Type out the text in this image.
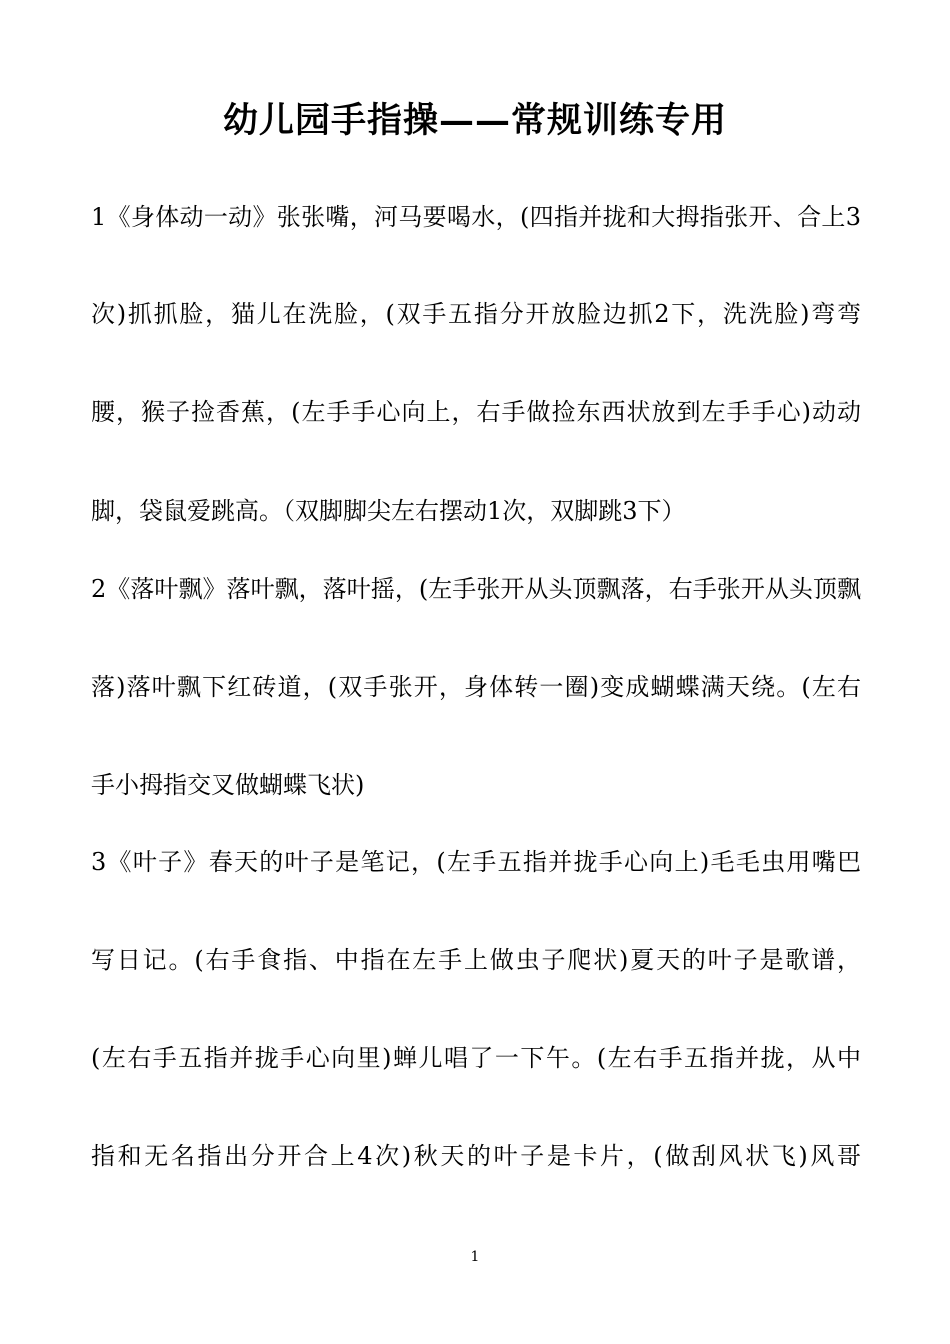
幼儿园手指操——常规训练专用
1《身体动一动》张张嘴，河马要喝水，(四指并拢和大拇指张开、合上3
次)抓抓脸，猫儿在洗脸，(双手五指分开放脸边抓2下，洗洗脸)弯弯
腰，猴子捡香蕉，(左手手心向上，右手做捡东西状放到左手手心)动动
脚，袋鼠爱跳高。（双脚脚尖左右摆动1次，双脚跳3下）
2《落叶飘》落叶飘，落叶摇，(左手张开从头顶飘落，右手张开从头顶飘
落)落叶飘下红砖道，(双手张开，身体转一圈)变成蝴蝶满天绕。(左右
手小拇指交叉做蝴蝶飞状)
3《叶子》春天的叶子是笔记，(左手五指并拢手心向上)毛毛虫用嘴巴
写日记。(右手食指、中指在左手上做虫子爬状)夏天的叶子是歌谱，
(左右手五指并拢手心向里)蝉儿唱了一下午。(左右手五指并拢，从中
指和无名指出分开合上4次)秋天的叶子是卡片，(做刮风状飞)风哥
1
